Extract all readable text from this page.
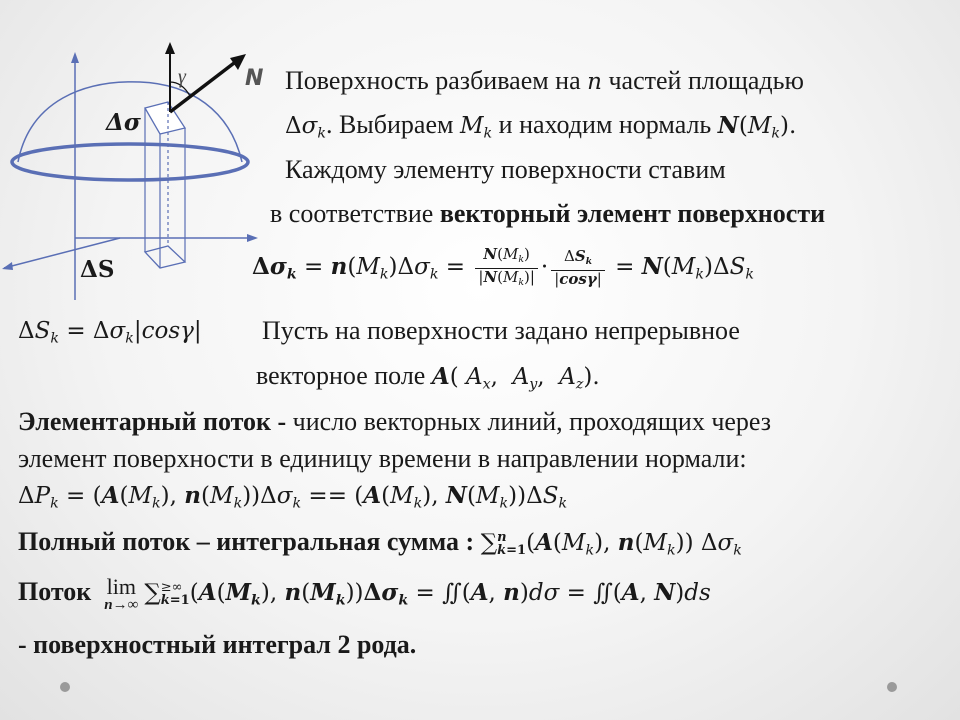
γ	N
Δσ
ΔS
Поверхность разбиваем на n частей площадью
$\Delta\sigma_k$. Выбираем $M_k$ и находим нормаль $N(M_k)$.
Каждому элементу поверхности ставим
в соответствие векторный элемент поверхности
$\Delta\sigma_k = n(M_k)\Delta\sigma_k = \frac{N(M_k)}{|N(M_k)|} \cdot \frac{\Delta S_k}{|\cos\gamma|} = N(M_k)\Delta S_k$
$\Delta S_k = \Delta\sigma_k|\cos\gamma|$ Пусть на поверхности задано непрерывное
векторное поле A( $A_x$,  $A_y$,  $A_z$).
Элементарный поток - число векторных линий, проходящих через
элемент поверхности в единицу времени в направлении нормали:
$\Delta P_k = (A(M_k)$, $n(M_k))\Delta\sigma_k == (A(M_k)$, $N(M_k))\Delta S_k$
Полный поток – интегральная сумма : ∑n
$k=1(A(M_k)$, $n(M_k)$) $\Delta\sigma_k$
Поток lim
n→∞ ∑≥∞
$k=1(A(M_k)$, $n(M_k))\Delta\sigma_k$ = ∬(A, n)dσ = ∬(A, N)ds
- поверхностный интеграл 2 рода.
